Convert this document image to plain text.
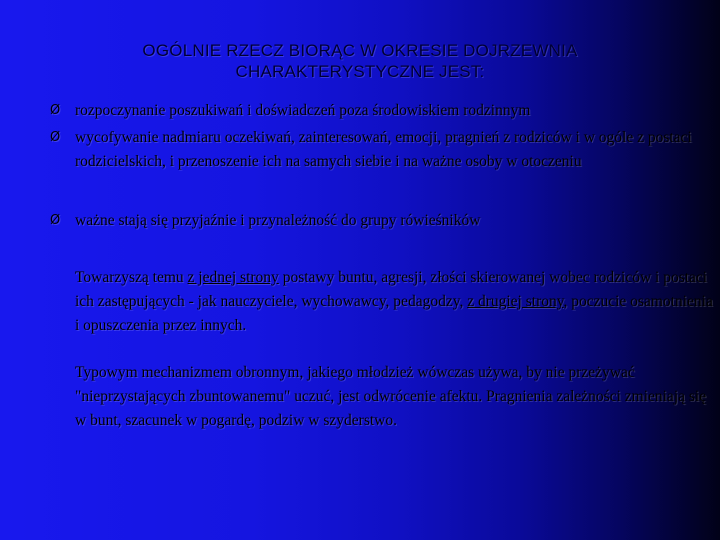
OGÓLNIE RZECZ BIORĄC W OKRESIE DOJRZEWNIA
CHARAKTERYSTYCZNE JEST:
Ø rozpoczynanie poszukiwań i doświadczeń poza środowiskiem rodzinnym
Ø wycofywanie nadmiaru oczekiwań, zainteresowań, emocji, pragnień z rodziców i w ogóle z postaci rodzicielskich, i przenoszenie ich na samych siebie i na ważne osoby w otoczeniu
Ø ważne stają się przyjaźnie i przynależność do grupy rówieśników
Towarzyszą temu z jednej strony postawy buntu, agresji, złości skierowanej wobec rodziców i postaci ich zastępujących - jak nauczyciele, wychowawcy, pedagodzy, z drugiej strony, poczucie osamotnienia i opuszczenia przez innych.
Typowym mechanizmem obronnym, jakiego młodzież wówczas używa, by nie przeżywać "nieprzystających zbuntowanemu" uczuć, jest odwrócenie afektu. Pragnienia zależności zmieniają się w bunt, szacunek w pogardę, podziw w szyderstwo.
